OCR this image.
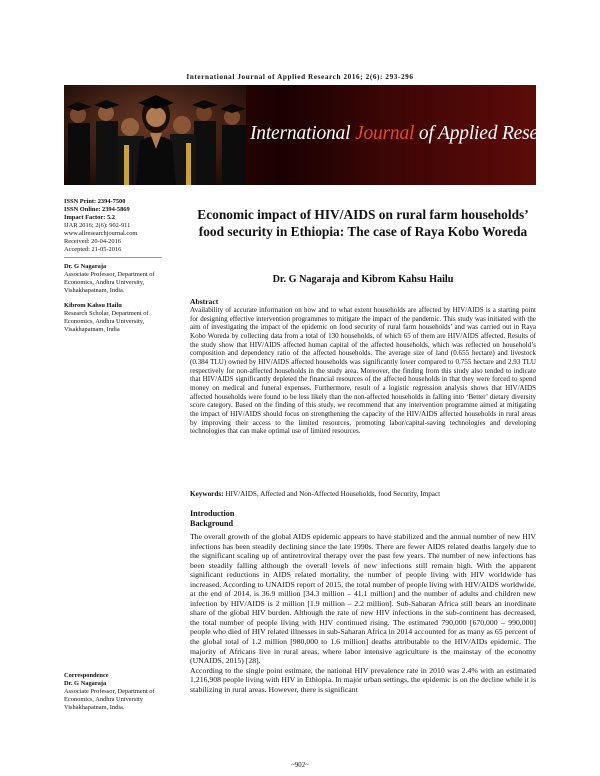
International Journal of Applied Research 2016; 2(6): 293-296
International Journal of Applied Research
ISSN Print: 2394-7500
ISSN Online: 2394-5869
Impact Factor: 5.2
IJAR 2016; 2(6): 902-911
www.allresearchjournal.com
Received: 20-04-2016
Accepted: 21-05-2016
Dr. G Nagaraja
Associate Professor, Department of Economics, Andhra University, Vishakhapatnam, India.
Kibrom Kahsu Hailu
Research Scholar, Department of Economics, Andhra University, Visakhapatnam, India
Correspondence
Dr. G Nagaraja
Associate Professor, Department of Economics, Andhra University Vishakhapatnam, India.
Economic impact of HIV/AIDS on rural farm households’ food security in Ethiopia: The case of Raya Kobo Woreda
Dr. G Nagaraja and Kibrom Kahsu Hailu
Abstract
Availability of accurate information on how and to what extent households are affected by HIV/AIDS is a starting point for designing effective intervention programmes to mitigate the impact of the pandemic. This study was initiated with the aim of investigating the impact of the epidemic on food security of rural farm households’ and was carried out in Raya Kobo Woreda by collecting data from a total of 130 households, of which 65 of them are HIV/AIDS affected. Results of the study show that HIV/AIDS affected human capital of the affected households, which was reflected on household’s composition and dependency ratio of the affected households. The average size of land (0.655 hectare) and livestock (0.384 TLU) owned by HIV/AIDS affected households was significantly lower compared to 0.755 hectare and 2.93 TLU respectively for non-affected households in the study area. Moreover, the finding from this study also tended to indicate that HIV/AIDS significantly depleted the financial resources of the affected households in that they were forced to spend money on medical and funeral expenses. Furthermore, result of a logistic regression analysis shows that HIV/AIDS affected households were found to be less likely than the non-affected households in falling into ‘Better’ dietary diversity score category. Based on the finding of this study, we recommend that any intervention programme aimed at mitigating the impact of HIV/AIDS should focus on strengthening the capacity of the HIV/AIDS affected households in rural areas by improving their access to the limited resources, promoting labor/capital-saving technologies and developing technologies that can make optimal use of limited resources.
Keywords: HIV/AIDS, Affected and Non-Affected Households, food Security, Impact
Introduction
Background
The overall growth of the global AIDS epidemic appears to have stabilized and the annual number of new HIV infections has been steadily declining since the late 1990s. There are fewer AIDS related deaths largely due to the significant scaling up of antiretroviral therapy over the past few years. The number of new infections has been steadily falling although the overall levels of new infections still remain high. With the apparent significant reductions in AIDS related mortality, the number of people living with HIV worldwide has increased. According to UNAIDS report of 2015, the total number of people living with HIV/AIDS worldwide, at the end of 2014, is 36.9 million [34.3 million – 41.1 million] and the number of adults and children new infection by HIV/AIDS is 2 million [1.9 million – 2.2 million]. Sub-Saharan Africa still bears an inordinate share of the global HIV burden. Although the rate of new HIV infections in the sub-continent has decreased, the total number of people living with HIV continued rising. The estimated 790,000 [670,000 – 990,000] people who died of HIV related illnesses in sub-Saharan Africa in 2014 accounted for as many as 65 percent of the global total of 1.2 million [980,000 to 1.6 million] deaths attributable to the HIV/AIDs epidemic. The majority of Africans live in rural areas, where labor intensive agriculture is the mainstay of the economy (UNAIDS, 2015) [28].
According to the single point estimate, the national HIV prevalence rate in 2010 was 2.4% with an estimated 1,216,908 people living with HIV in Ethiopia. In major urban settings, the epidemic is on the decline while it is stabilizing in rural areas. However, there is significant
~902~
